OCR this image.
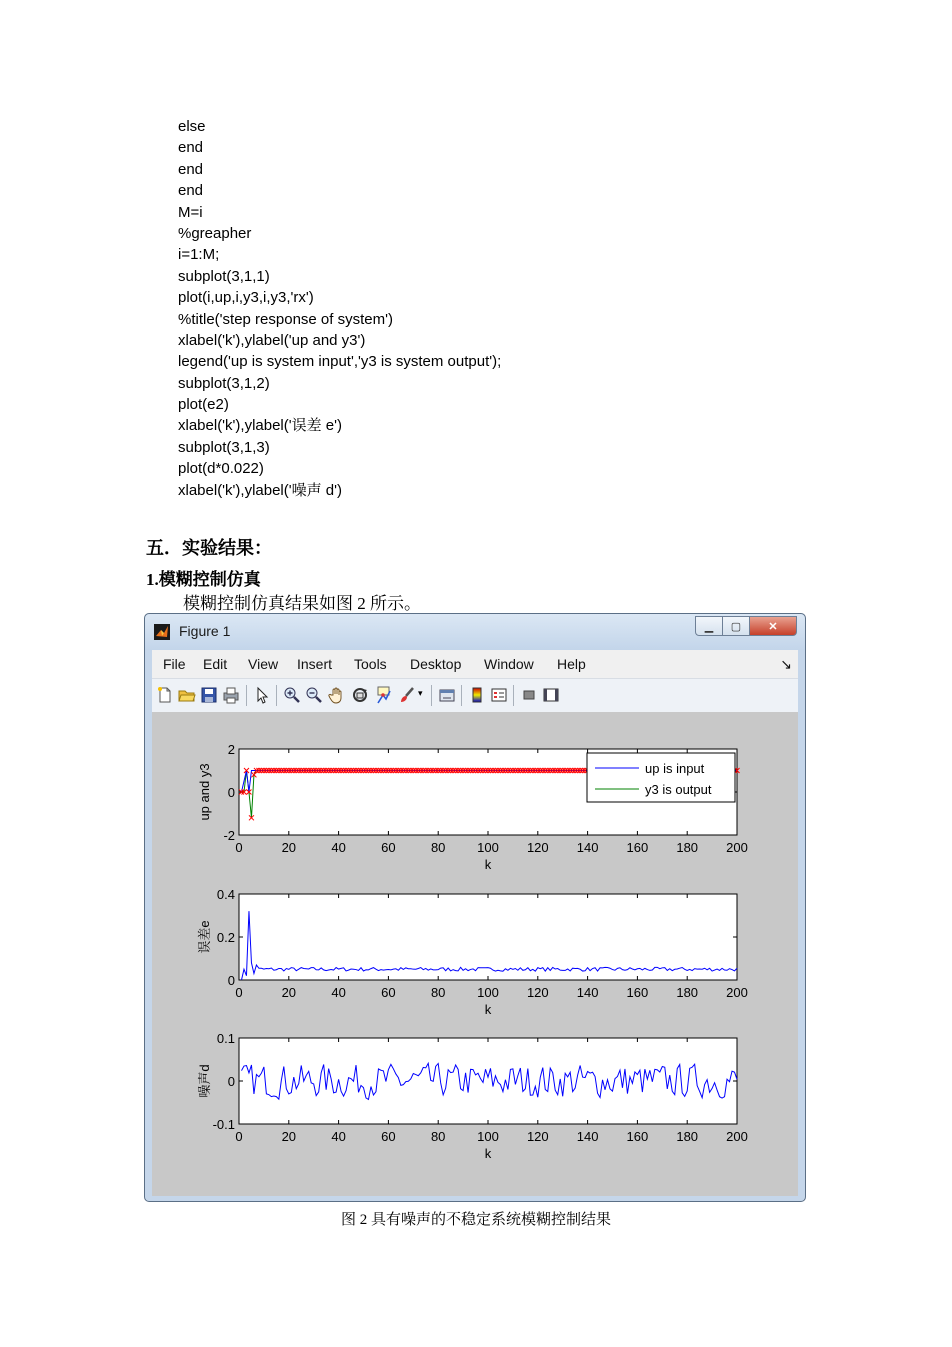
else
end
end
end
M=i
%greapher
i=1:M;
subplot(3,1,1)
plot(i,up,i,y3,i,y3,'rx')
%title('step response of system')
xlabel('k'),ylabel('up and y3')
legend('up is system input','y3 is system output');
subplot(3,1,2)
plot(e2)
xlabel('k'),ylabel('误差 e')
subplot(3,1,3)
plot(d*0.022)
xlabel('k'),ylabel('噪声 d')
五．实验结果：
1.模糊控制仿真
模糊控制仿真结果如图 2 所示。
Figure 1	▁ ▢ ✕
File Edit View Insert Tools Desktop Window Help	↘
▾
0	20	40	60	80 100 120 140 160 180 200
-2
0
2
k
up and y3	up is input
y3 is output
0	20	40	60	80 100 120 140 160 180 200
0
0.2
0.4
k
误差e
0	20	40	60	80 100 120 140 160 180 200
-0.1
0
0.1
k
噪声d
图 2 具有噪声的不稳定系统模糊控制结果
